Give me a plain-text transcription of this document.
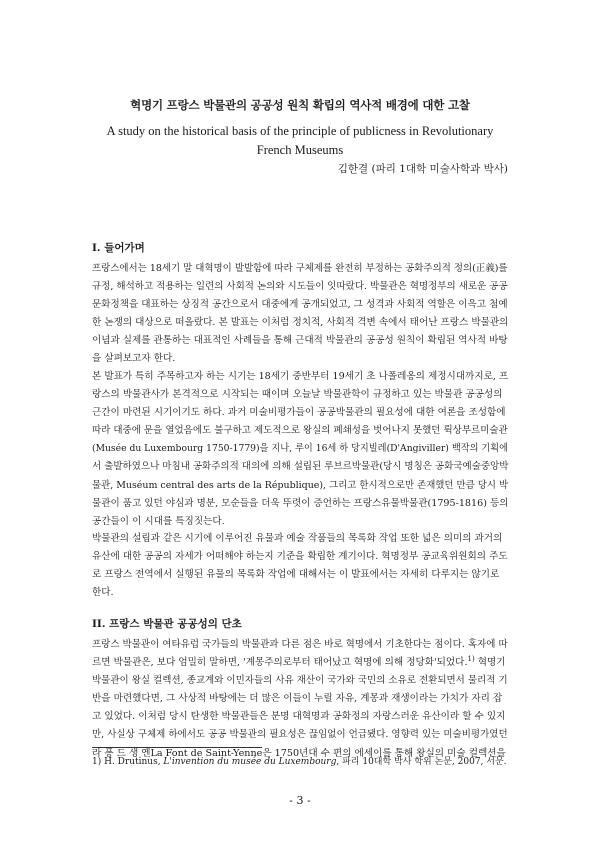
혁명기 프랑스 박물관의 공공성 원칙 확립의 역사적 배경에 대한 고찰
A study on the historical basis of the principle of publicness in Revolutionary
French Museums
김한결 (파리 1대학 미술사학과 박사)
I. 들어가며
프랑스에서는 18세기 말 대혁명이 발발함에 따라 구체제를 완전히 부정하는 공화주의적 정의(正義)를
규정, 해석하고 적용하는 일련의 사회적 논의와 시도들이 잇따랐다. 박물관은 혁명정부의 새로운 공공
문화정책을 대표하는 상징적 공간으로서 대중에게 공개되었고, 그 성격과 사회적 역할은 이윽고 첨예
한 논쟁의 대상으로 떠올랐다. 본 발표는 이처럼 정치적, 사회적 격변 속에서 태어난 프랑스 박물관의
이념과 실제를 관통하는 대표적인 사례들을 통해 근대적 박물관의 공공성 원칙이 확립된 역사적 바탕
을 살펴보고자 한다.
본 발표가 특히 주목하고자 하는 시기는 18세기 중반부터 19세기 초 나폴레옹의 제정시대까지로, 프
랑스의 박물관사가 본격적으로 시작되는 때이며 오늘날 박물관학이 규정하고 있는 박물관 공공성의
근간이 마련된 시기이기도 하다. 과거 미술비평가들이 공공박물관의 필요성에 대한 여론을 조성함에
따라 대중에 문을 열었음에도 불구하고 제도적으로 왕실의 폐쇄성을 벗어나지 못했던 뤽상부르미술관
(Musée du Luxembourg 1750-1779)을 지나, 루이 16세 하 당지빌레(D'Angiviller) 백작의 기획에
서 출발하였으나 마침내 공화주의적 대의에 의해 설립된 루브르박물관(당시 명칭은 공화국예술중앙박
물관, Muséum central des arts de la République), 그리고 한시적으로만 존재했던 만큼 당시 박
물관이 품고 있던 야심과 명분, 모순들을 더욱 뚜렷이 증언하는 프랑스유물박물관(1795-1816) 등의
공간들이 이 시대를 특징짓는다.
박물관의 설립과 같은 시기에 이루어진 유물과 예술 작품들의 목록화 작업 또한 넓은 의미의 과거의
유산에 대한 공공의 자세가 어떠해야 하는지 기준을 확립한 계기이다. 혁명정부 공교육위원회의 주도
로 프랑스 전역에서 실행된 유물의 목록화 작업에 대해서는 이 발표에서는 자세히 다루지는 않기로
한다.
II. 프랑스 박물관 공공성의 단초
프랑스 박물관이 여타유럽 국가들의 박물관과 다른 점은 바로 혁명에서 기초한다는 점이다. 혹자에 따
르면 박물관은, 보다 엄밀히 말하면, '계몽주의로부터 태어났고 혁명에 의해 정당화'되었다.$^{1)}$ 혁명기
박물관이 왕실 컬렉션, 종교계와 이민자들의 사유 재산이 국가와 국민의 소유로 전환되면서 물리적 기
반을 마련했다면, 그 사상적 바탕에는 더 많은 이들이 누릴 자유, 계몽과 재생이라는 가치가 자리 잡
고 있었다. 이처럼 당시 탄생한 박물관들은 분명 대혁명과 공화정의 자랑스러운 유산이라 할 수 있지
만, 사실상 구체제 하에서도 공공 박물관의 필요성은 끊임없이 언급됐다. 영향력 있는 미술비평가였던
라 퐁 드 생 옌La Font de Saint-Yenne은 1750년대 수 편의 에세이를 통해 왕실의 미술 컬렉션을
1) H. Drutinus, L'invention du musée du Luxembourg, 파리 10대학 박사 학위 논문, 2007, 서문.
- 3 -
